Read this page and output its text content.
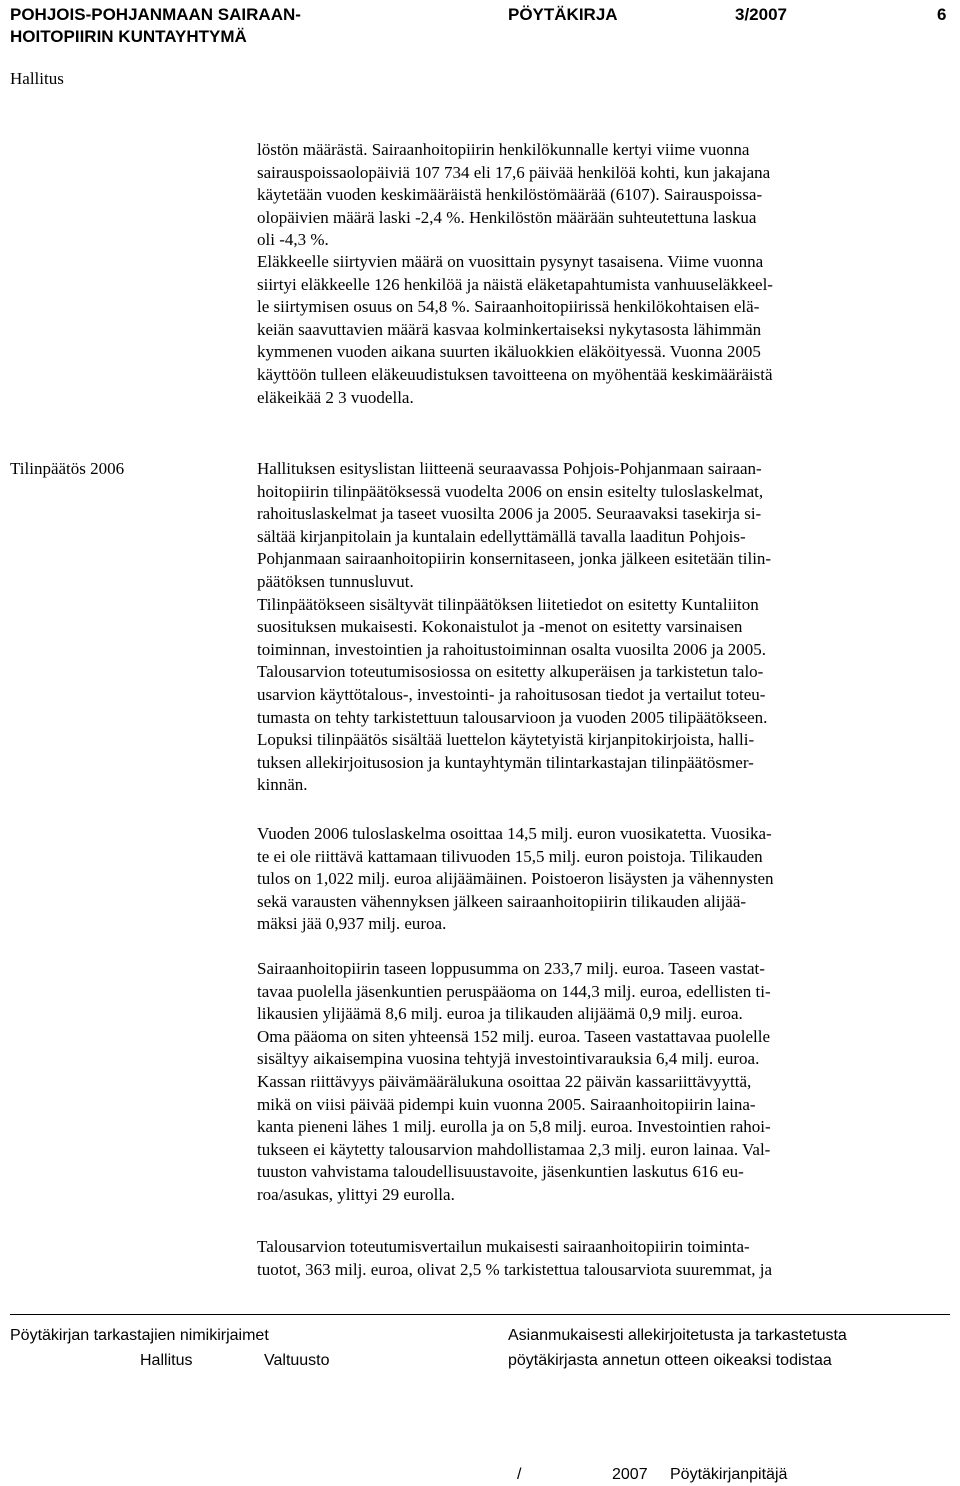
POHJOIS-POHJANMAAN SAIRAAN-
HOITOPIIRIN KUNTAYHTYMÄ
PÖYTÄKIRJA	3/2007	6
Hallitus
löstön määrästä. Sairaanhoitopiirin henkilökunnalle kertyi viime vuonna
sairauspoissaolopäiviä 107 734 eli 17,6 päivää henkilöä kohti, kun jakajana
käytetään vuoden keskimääräistä henkilöstömäärää (6107). Sairauspoissa-
olopäivien määrä laski -2,4 %. Henkilöstön määrään suhteutettuna laskua
oli -4,3 %.
Eläkkeelle siirtyvien määrä on vuosittain pysynyt tasaisena. Viime vuonna
siirtyi eläkkeelle 126 henkilöä ja näistä eläketapahtumista vanhuuseläkkeel-
le siirtymisen osuus on 54,8 %. Sairaanhoitopiirissä henkilökohtaisen elä-
keiän saavuttavien määrä kasvaa kolminkertaiseksi nykytasosta lähimmän
kymmenen vuoden aikana suurten ikäluokkien eläköityessä. Vuonna 2005
käyttöön tulleen eläkeuudistuksen tavoitteena on myöhentää keskimääräistä
eläkeikää 2 3 vuodella.
Tilinpäätös 2006	Hallituksen esityslistan liitteenä seuraavassa Pohjois-Pohjanmaan sairaan-
hoitopiirin tilinpäätöksessä vuodelta 2006 on ensin esitelty tuloslaskelmat,
rahoituslaskelmat ja taseet vuosilta 2006 ja 2005. Seuraavaksi tasekirja si-
sältää kirjanpitolain ja kuntalain edellyttämällä tavalla laaditun Pohjois-
Pohjanmaan sairaanhoitopiirin konsernitaseen, jonka jälkeen esitetään tilin-
päätöksen tunnusluvut.
Tilinpäätökseen sisältyvät tilinpäätöksen liitetiedot on esitetty Kuntaliiton
suosituksen mukaisesti. Kokonaistulot ja -menot on esitetty varsinaisen
toiminnan, investointien ja rahoitustoiminnan osalta vuosilta 2006 ja 2005.
Talousarvion toteutumisosiossa on esitetty alkuperäisen ja tarkistetun talo-
usarvion käyttötalous-, investointi- ja rahoitusosan tiedot ja vertailut toteu-
tumasta on tehty tarkistettuun talousarvioon ja vuoden 2005 tilipäätökseen.
Lopuksi tilinpäätös sisältää luettelon käytetyistä kirjanpitokirjoista, halli-
tuksen allekirjoitusosion ja kuntayhtymän tilintarkastajan tilinpäätösmer-
kinnän.
Vuoden 2006 tuloslaskelma osoittaa 14,5 milj. euron vuosikatetta. Vuosika-
te ei ole riittävä kattamaan tilivuoden 15,5 milj. euron poistoja. Tilikauden
tulos on 1,022 milj. euroa alijäämäinen. Poistoeron lisäysten ja vähennysten
sekä varausten vähennyksen jälkeen sairaanhoitopiirin tilikauden alijää-
mäksi jää 0,937 milj. euroa.
Sairaanhoitopiirin taseen loppusumma on 233,7 milj. euroa. Taseen vastat-
tavaa puolella jäsenkuntien peruspääoma on 144,3 milj. euroa, edellisten ti-
likausien ylijäämä 8,6 milj. euroa ja tilikauden alijäämä 0,9 milj. euroa.
Oma pääoma on siten yhteensä 152 milj. euroa. Taseen vastattavaa puolelle
sisältyy aikaisempina vuosina tehtyjä investointivarauksia 6,4 milj. euroa.
Kassan riittävyys päivämäärälukuna osoittaa 22 päivän kassariittävyyttä,
mikä on viisi päivää pidempi kuin vuonna 2005. Sairaanhoitopiirin laina-
kanta pieneni lähes 1 milj. eurolla ja on 5,8 milj. euroa. Investointien rahoi-
tukseen ei käytetty talousarvion mahdollistamaa 2,3 milj. euron lainaa. Val-
tuuston vahvistama taloudellisuustavoite, jäsenkuntien laskutus 616 eu-
roa/asukas, ylittyi 29 eurolla.
Talousarvion toteutumisvertailun mukaisesti sairaanhoitopiirin toiminta-
tuotot, 363 milj. euroa, olivat 2,5 % tarkistettua talousarviota suuremmat, ja
Pöytäkirjan tarkastajien nimikirjaimet
Hallitus	Valtuusto
Asianmukaisesti allekirjoitetusta ja tarkastetusta
pöytäkirjasta annetun otteen oikeaksi todistaa
/	2007 Pöytäkirjanpitäjä
